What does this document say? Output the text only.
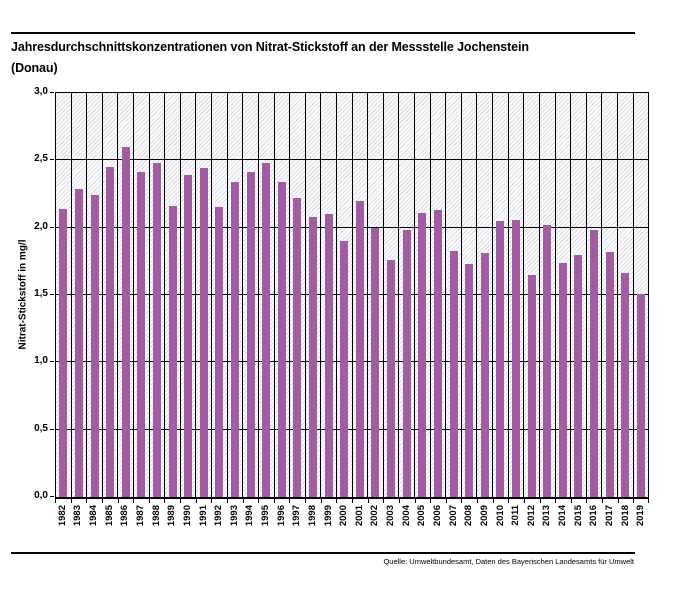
Jahresdurchschnittskonzentrationen von Nitrat-Stickstoff an der Messstelle Jochenstein
(Donau)
Nitrat-Stickstoff in mg/l
3,0
2,5
2,0
1,5
1,0
0,5
0,0
1982 1983 1984 1985 1986 1987 1988 1989 1990 1991 1992 1993 1994 1995 1996 1997 1998 1999 2000 2001 2002 2003 2004 2005 2006 2007 2008 2009 2010 2011 2012 2013 2014 2015 2016 2017 2018 2019
Quelle: Umweltbundesamt, Daten des Bayerischen Landesamts für Umwelt
